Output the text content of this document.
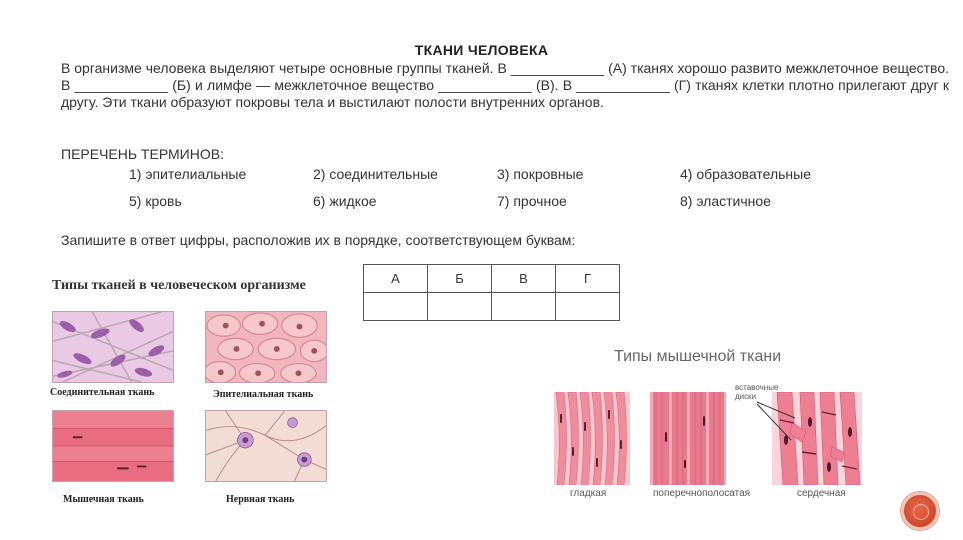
ТКАНИ ЧЕЛОВЕКА
В организме человека выделяют четыре основные группы тканей. В ____________ (А) тканях хорошо развито межклеточное вещество. В ____________ (Б) и лимфе — межклеточное вещество ____________ (В). В ____________ (Г) тканях клетки плотно прилегают друг к другу. Эти ткани образуют покровы тела и выстилают полости внутренних органов.
ПЕРЕЧЕНЬ ТЕРМИНОВ:
1) эпителиальные	2) соединительные	3) покровные	4) образовательные
5) кровь	6) жидкое	7) прочное	8) эластичное
Запишите в ответ цифры, расположив их в порядке, соответствующем буквам:
А	Б	В	Г

Типы тканей в человеческом организме
Соединительная ткань	Эпителиальная ткань
Мышечная ткань	Нервная ткань
Типы мышечной ткани
гладкая	поперечнополосатая	сердечная
вставочные
диски
